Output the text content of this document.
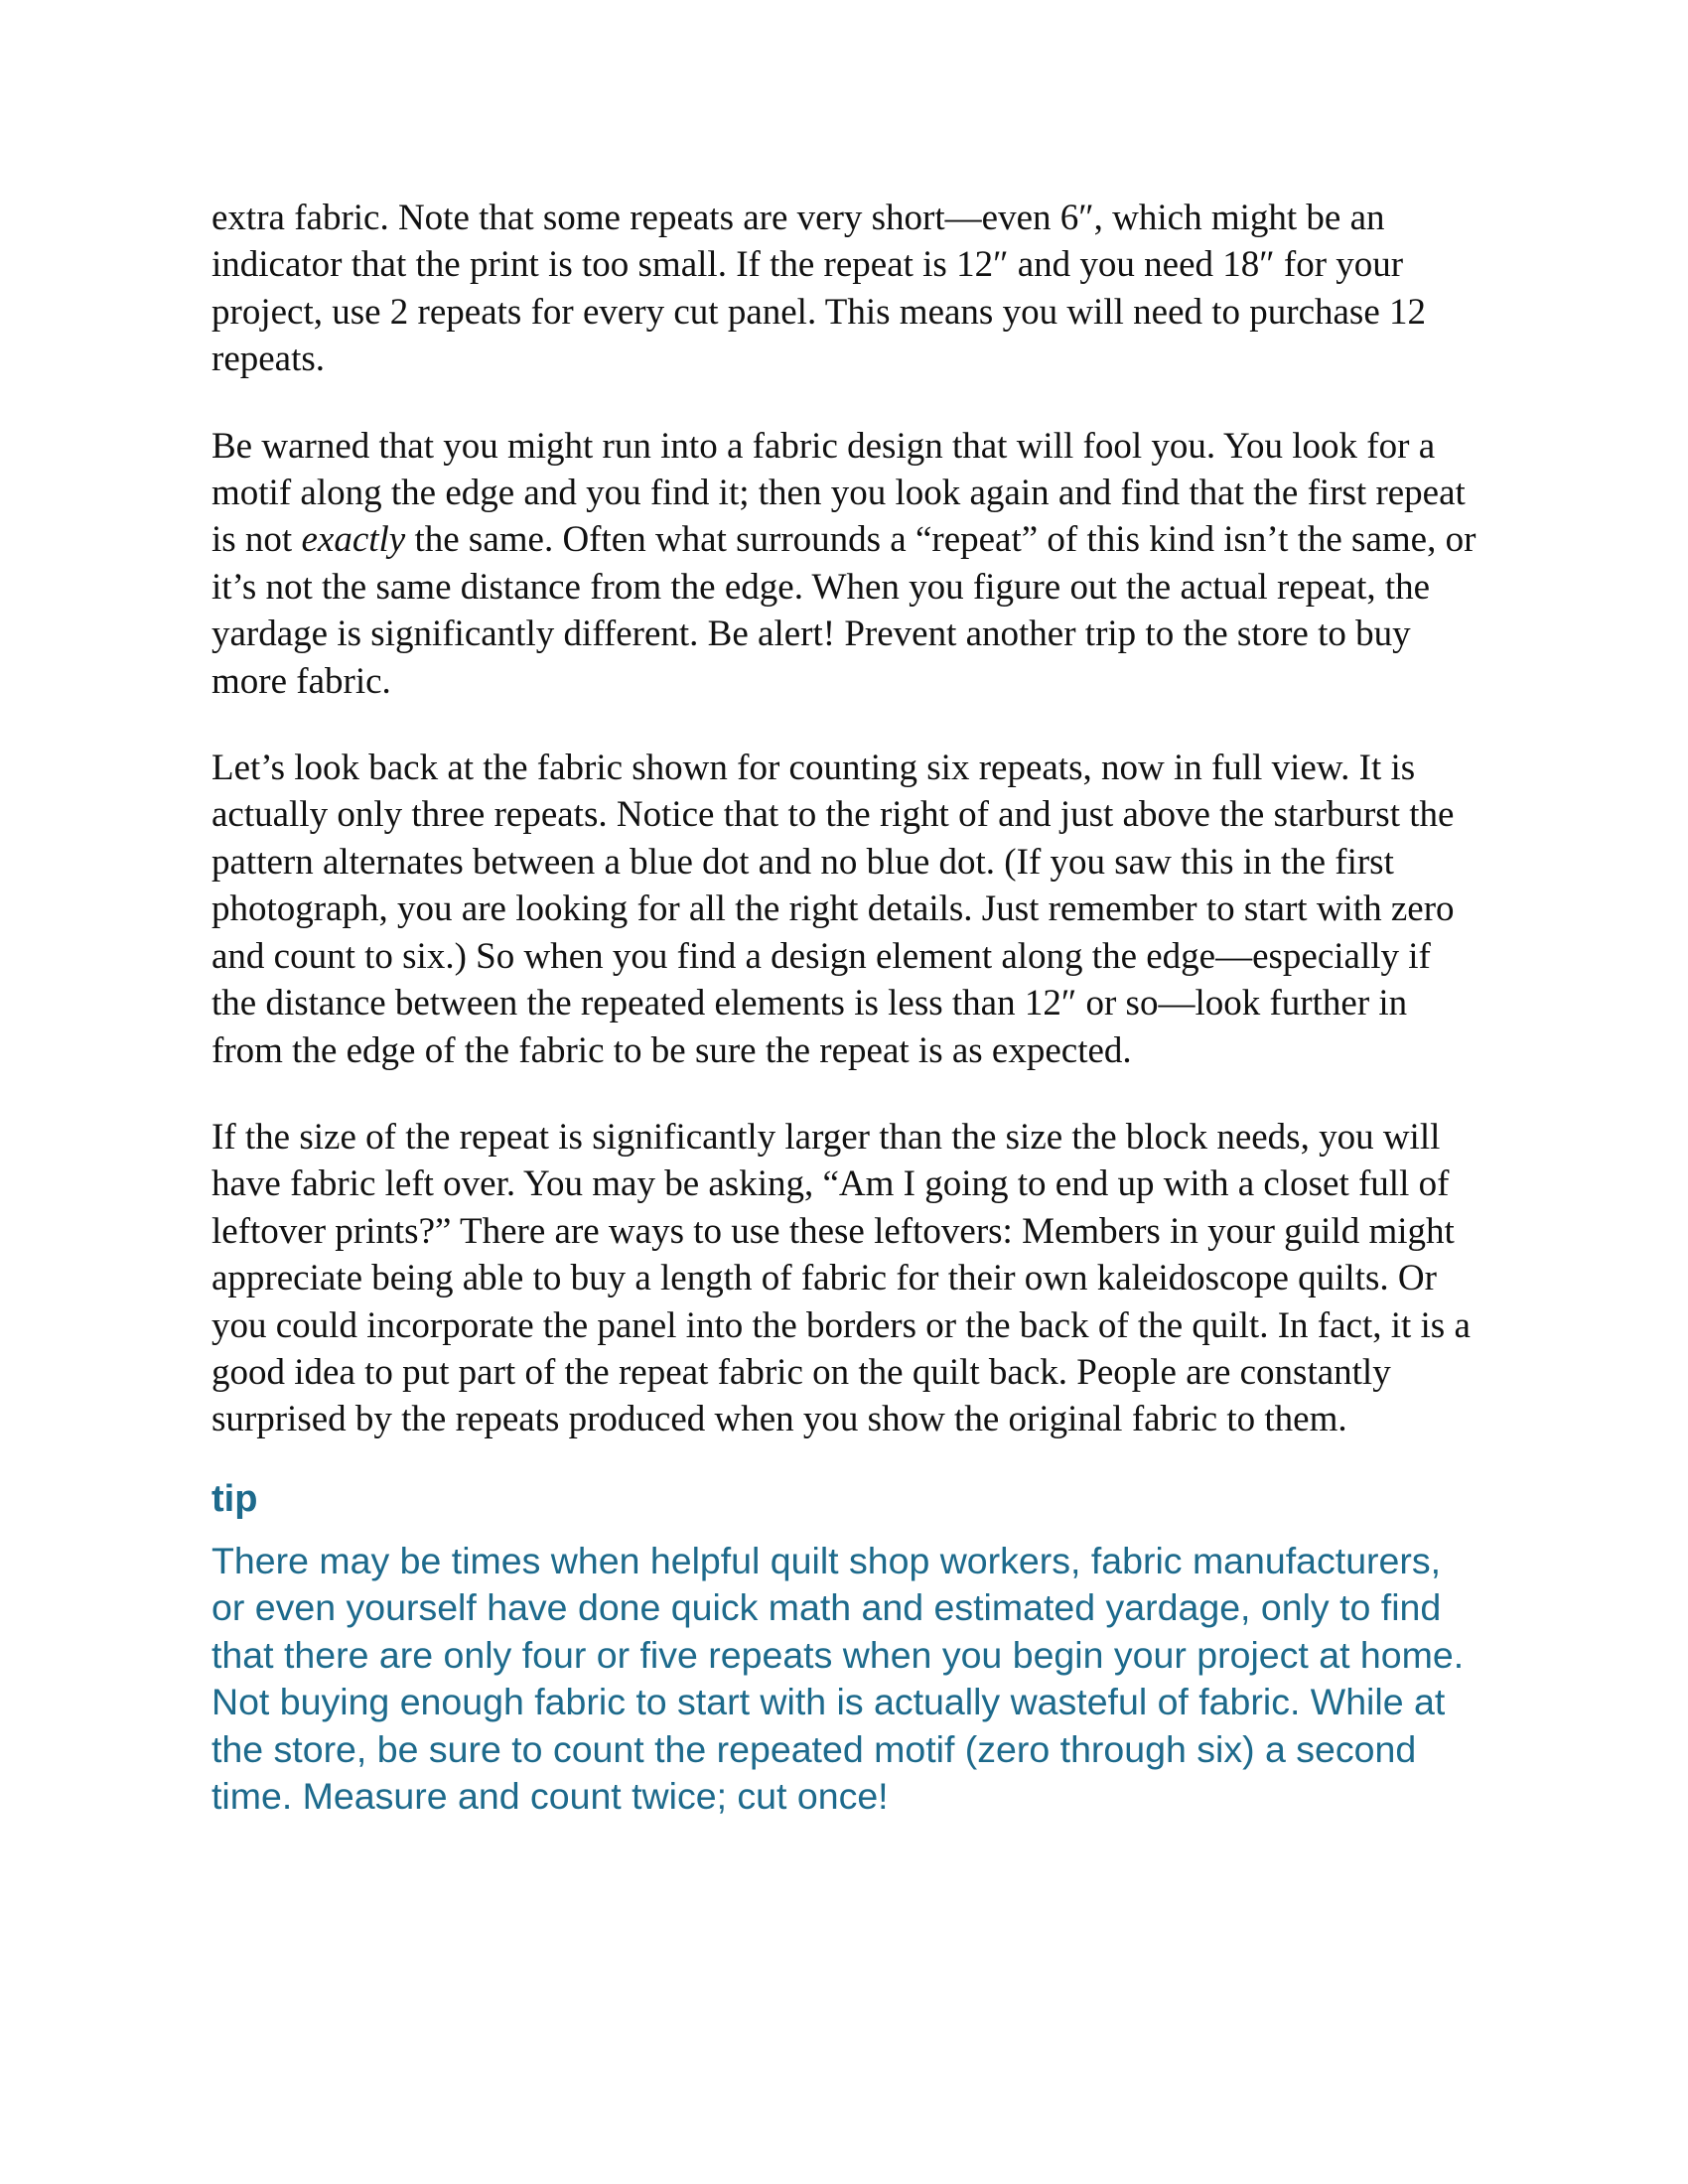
extra fabric. Note that some repeats are very short—even 6″, which might be an indicator that the print is too small. If the repeat is 12″ and you need 18″ for your project, use 2 repeats for every cut panel. This means you will need to purchase 12 repeats.

Be warned that you might run into a fabric design that will fool you. You look for a motif along the edge and you find it; then you look again and find that the first repeat is not exactly the same. Often what surrounds a “repeat” of this kind isn’t the same, or it’s not the same distance from the edge. When you figure out the actual repeat, the yardage is significantly different. Be alert! Prevent another trip to the store to buy more fabric.

Let’s look back at the fabric shown for counting six repeats, now in full view. It is actually only three repeats. Notice that to the right of and just above the starburst the pattern alternates between a blue dot and no blue dot. (If you saw this in the first photograph, you are looking for all the right details. Just remember to start with zero and count to six.) So when you find a design element along the edge—especially if the distance between the repeated elements is less than 12″ or so—look further in from the edge of the fabric to be sure the repeat is as expected.

If the size of the repeat is significantly larger than the size the block needs, you will have fabric left over. You may be asking, “Am I going to end up with a closet full of leftover prints?” There are ways to use these leftovers: Members in your guild might appreciate being able to buy a length of fabric for their own kaleidoscope quilts. Or you could incorporate the panel into the borders or the back of the quilt. In fact, it is a good idea to put part of the repeat fabric on the quilt back. People are constantly surprised by the repeats produced when you show the original fabric to them.

tip

There may be times when helpful quilt shop workers, fabric manufacturers, or even yourself have done quick math and estimated yardage, only to find that there are only four or five repeats when you begin your project at home. Not buying enough fabric to start with is actually wasteful of fabric. While at the store, be sure to count the repeated motif (zero through six) a second time. Measure and count twice; cut once!
